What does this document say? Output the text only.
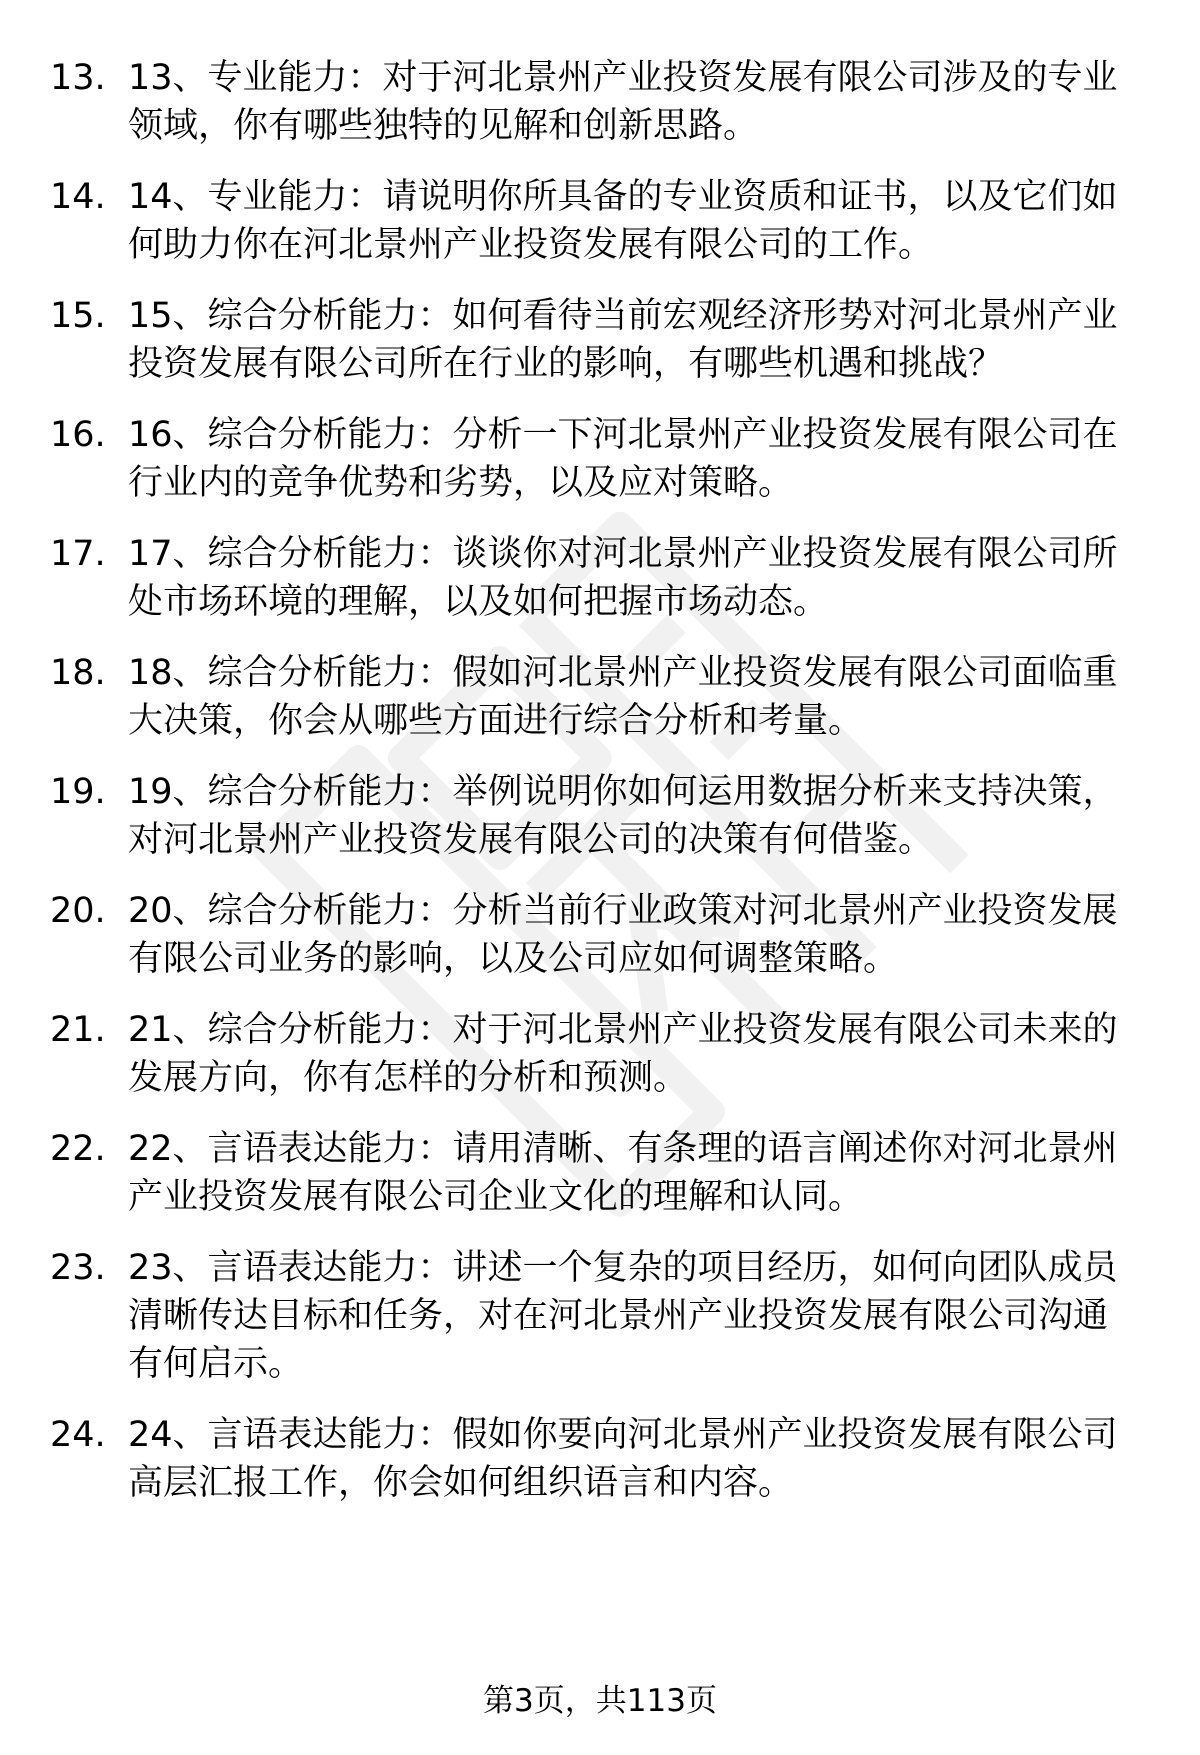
13. 13、专业能力：对于河北景州产业投资发展有限公司涉及的专业领域，你有哪些独特的见解和创新思路。
14. 14、专业能力：请说明你所具备的专业资质和证书，以及它们如何助力你在河北景州产业投资发展有限公司的工作。
15. 15、综合分析能力：如何看待当前宏观经济形势对河北景州产业投资发展有限公司所在行业的影响，有哪些机遇和挑战？
16. 16、综合分析能力：分析一下河北景州产业投资发展有限公司在行业内的竞争优势和劣势，以及应对策略。
17. 17、综合分析能力：谈谈你对河北景州产业投资发展有限公司所处市场环境的理解，以及如何把握市场动态。
18. 18、综合分析能力：假如河北景州产业投资发展有限公司面临重大决策，你会从哪些方面进行综合分析和考量。
19. 19、综合分析能力：举例说明你如何运用数据分析来支持决策，对河北景州产业投资发展有限公司的决策有何借鉴。
20. 20、综合分析能力：分析当前行业政策对河北景州产业投资发展有限公司业务的影响，以及公司应如何调整策略。
21. 21、综合分析能力：对于河北景州产业投资发展有限公司未来的发展方向，你有怎样的分析和预测。
22. 22、言语表达能力：请用清晰、有条理的语言阐述你对河北景州产业投资发展有限公司企业文化的理解和认同。
23. 23、言语表达能力：讲述一个复杂的项目经历，如何向团队成员清晰传达目标和任务，对在河北景州产业投资发展有限公司沟通有何启示。
24. 24、言语表达能力：假如你要向河北景州产业投资发展有限公司高层汇报工作，你会如何组织语言和内容。
第3页，共113页
